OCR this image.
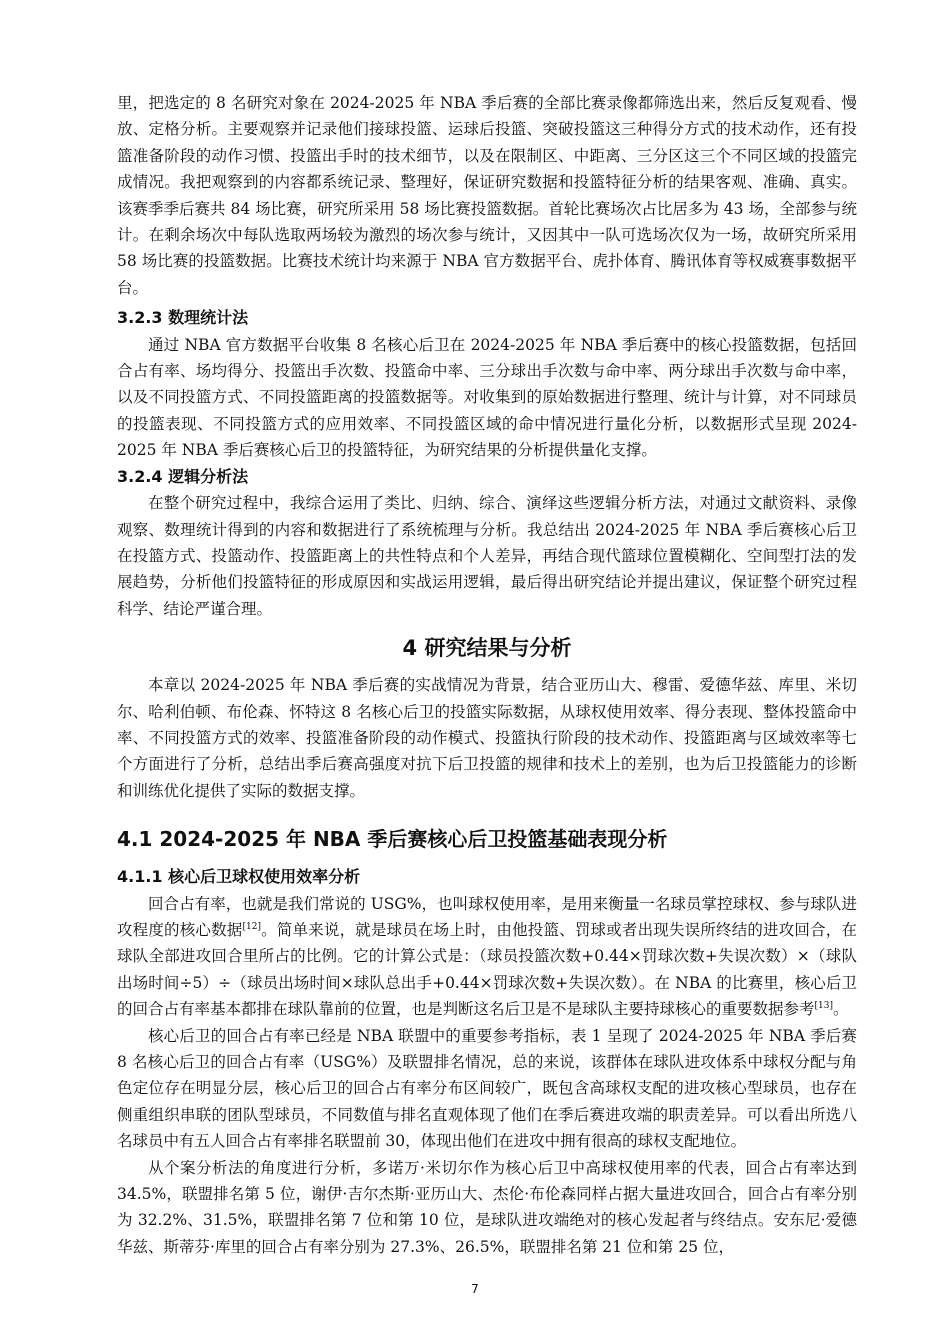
里，把选定的 8 名研究对象在 2024-2025 年 NBA 季后赛的全部比赛录像都筛选出来，然后反复观看、慢放、定格分析。主要观察并记录他们接球投篮、运球后投篮、突破投篮这三种得分方式的技术动作，还有投篮准备阶段的动作习惯、投篮出手时的技术细节，以及在限制区、中距离、三分区这三个不同区域的投篮完成情况。我把观察到的内容都系统记录、整理好，保证研究数据和投篮特征分析的结果客观、准确、真实。该赛季季后赛共 84 场比赛，研究所采用 58 场比赛投篮数据。首轮比赛场次占比居多为 43 场，全部参与统计。在剩余场次中每队选取两场较为激烈的场次参与统计，又因其中一队可选场次仅为一场，故研究所采用 58 场比赛的投篮数据。比赛技术统计均来源于 NBA 官方数据平台、虎扑体育、腾讯体育等权威赛事数据平台。

3.2.3 数理统计法

通过 NBA 官方数据平台收集 8 名核心后卫在 2024-2025 年 NBA 季后赛中的核心投篮数据，包括回合占有率、场均得分、投篮出手次数、投篮命中率、三分球出手次数与命中率、两分球出手次数与命中率，以及不同投篮方式、不同投篮距离的投篮数据等。对收集到的原始数据进行整理、统计与计算，对不同球员的投篮表现、不同投篮方式的应用效率、不同投篮区域的命中情况进行量化分析，以数据形式呈现 2024-2025 年 NBA 季后赛核心后卫的投篮特征，为研究结果的分析提供量化支撑。

3.2.4 逻辑分析法

在整个研究过程中，我综合运用了类比、归纳、综合、演绎这些逻辑分析方法，对通过文献资料、录像观察、数理统计得到的内容和数据进行了系统梳理与分析。我总结出 2024-2025 年 NBA 季后赛核心后卫在投篮方式、投篮动作、投篮距离上的共性特点和个人差异，再结合现代篮球位置模糊化、空间型打法的发展趋势，分析他们投篮特征的形成原因和实战运用逻辑，最后得出研究结论并提出建议，保证整个研究过程科学、结论严谨合理。

4 研究结果与分析

本章以 2024-2025 年 NBA 季后赛的实战情况为背景，结合亚历山大、穆雷、爱德华兹、库里、米切尔、哈利伯顿、布伦森、怀特这 8 名核心后卫的投篮实际数据，从球权使用效率、得分表现、整体投篮命中率、不同投篮方式的效率、投篮准备阶段的动作模式、投篮执行阶段的技术动作、投篮距离与区域效率等七个方面进行了分析，总结出季后赛高强度对抗下后卫投篮的规律和技术上的差别，也为后卫投篮能力的诊断和训练优化提供了实际的数据支撑。

4.1 2024-2025 年 NBA 季后赛核心后卫投篮基础表现分析
4.1.1 核心后卫球权使用效率分析

回合占有率，也就是我们常说的 USG%，也叫球权使用率，是用来衡量一名球员掌控球权、参与球队进攻程度的核心数据[12]。简单来说，就是球员在场上时，由他投篮、罚球或者出现失误所终结的进攻回合，在球队全部进攻回合里所占的比例。它的计算公式是：（球员投篮次数+0.44×罚球次数+失误次数）×（球队出场时间÷5）÷（球员出场时间×球队总出手+0.44×罚球次数+失误次数）。在 NBA 的比赛里，核心后卫的回合占有率基本都排在球队靠前的位置，也是判断这名后卫是不是球队主要持球核心的重要数据参考[13]。

核心后卫的回合占有率已经是 NBA 联盟中的重要参考指标，表 1 呈现了 2024-2025 年 NBA 季后赛 8 名核心后卫的回合占有率（USG%）及联盟排名情况，总的来说，该群体在球队进攻体系中球权分配与角色定位存在明显分层，核心后卫的回合占有率分布区间较广，既包含高球权支配的进攻核心型球员，也存在侧重组织串联的团队型球员，不同数值与排名直观体现了他们在季后赛进攻端的职责差异。可以看出所选八名球员中有五人回合占有率排名联盟前 30，体现出他们在进攻中拥有很高的球权支配地位。

从个案分析法的角度进行分析，多诺万·米切尔作为核心后卫中高球权使用率的代表，回合占有率达到 34.5%，联盟排名第 5 位，谢伊·吉尔杰斯·亚历山大、杰伦·布伦森同样占据大量进攻回合，回合占有率分别为 32.2%、31.5%，联盟排名第 7 位和第 10 位，是球队进攻端绝对的核心发起者与终结点。安东尼·爱德华兹、斯蒂芬·库里的回合占有率分别为 27.3%、26.5%，联盟排名第 21 位和第 25 位，

7
